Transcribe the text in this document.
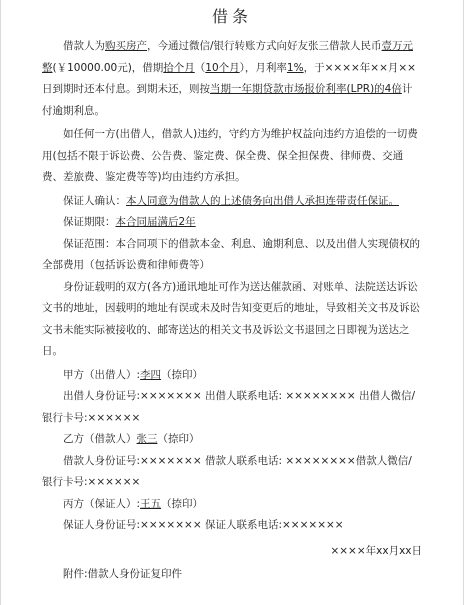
借条

借款人为购买房产，今通过微信/银行转账方式向好友张三借款人民币壹万元整(￥10000.00元)，借期拾个月（10个月），月利率1%，于××××年××月××日到期时还本付息。到期未还，则按当期一年期贷款市场报价利率(LPR)的4倍计付逾期利息。

如任何一方(出借人，借款人)违约，守约方为维护权益向违约方追偿的一切费用(包括不限于诉讼费、公告费、鉴定费、保全费、保全担保费、律师费、交通费、差旅费、鉴定费等等)均由违约方承担。

保证人确认：本人同意为借款人的上述债务向出借人承担连带责任保证。

保证期限：本合同届满后2年

保证范围：本合同项下的借款本金、利息、逾期利息、以及出借人实现债权的全部费用（包括诉讼费和律师费等）

身份证载明的双方(各方)通讯地址可作为送达催款函、对账单、法院送达诉讼文书的地址，因载明的地址有误或未及时告知变更后的地址，导致相关文书及诉讼文书未能实际被接收的、邮寄送达的相关文书及诉讼文书退回之日即视为送达之日。

甲方（出借人）:李四（捺印）

出借人身份证号:××××××× 出借人联系电话: ×××××××× 出借人微信/银行卡号:××××××

乙方（借款人）张三（捺印）

借款人身份证号:××××××× 借款人联系电话: ××××××××借款人微信/银行卡号:××××××

丙方（保证人）:王五（捺印）

保证人身份证号:××××××× 保证人联系电话:×××××××

××××年xx月xx日

附件:借款人身份证复印件
